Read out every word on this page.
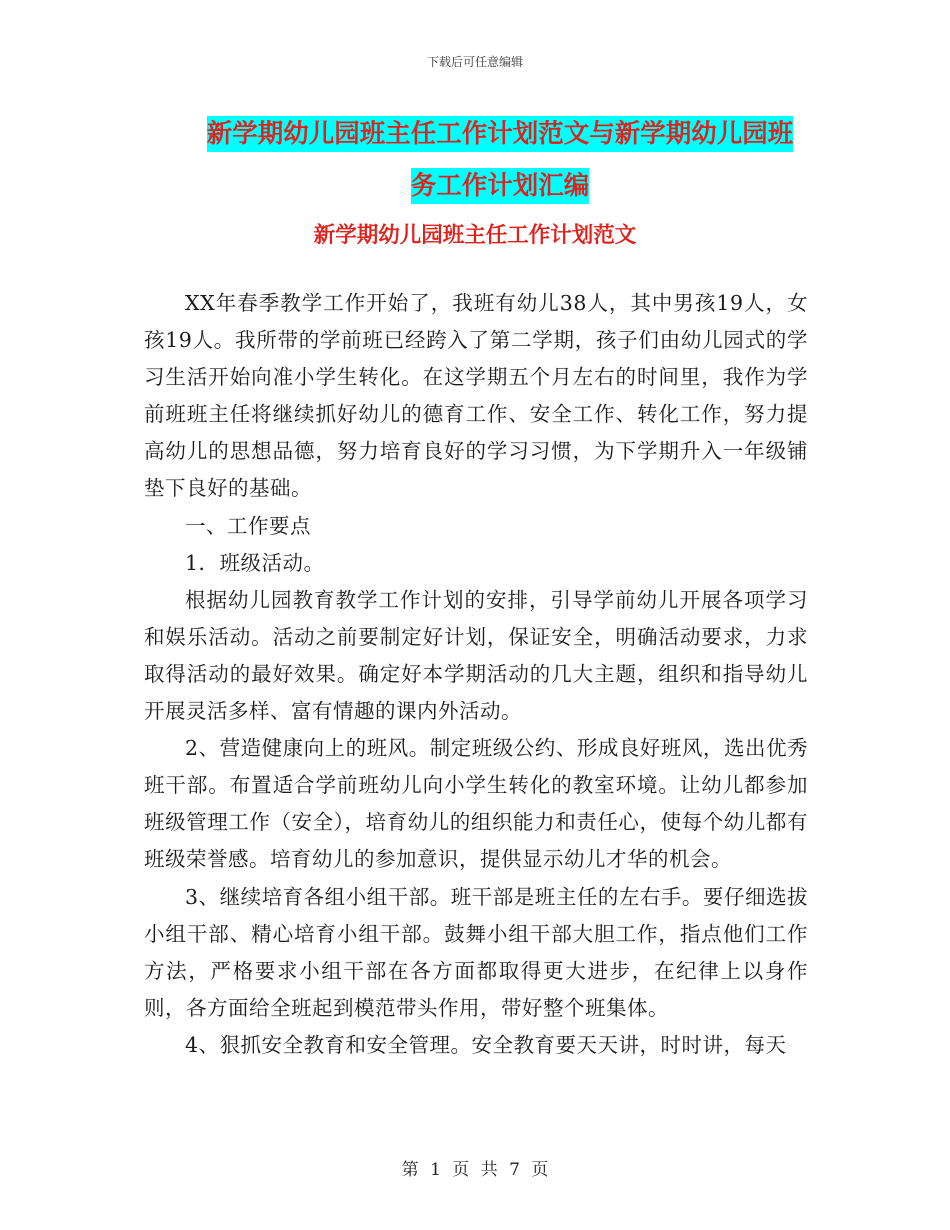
下载后可任意编辑
新学期幼儿园班主任工作计划范文与新学期幼儿园班
务工作计划汇编
新学期幼儿园班主任工作计划范文

XX年春季教学工作开始了，我班有幼儿38人，其中男孩19人，女孩19人。我所带的学前班已经跨入了第二学期，孩子们由幼儿园式的学习生活开始向准小学生转化。在这学期五个月左右的时间里，我作为学前班班主任将继续抓好幼儿的德育工作、安全工作、转化工作，努力提高幼儿的思想品德，努力培育良好的学习习惯，为下学期升入一年级铺垫下良好的基础。

一、工作要点

1．班级活动。

根据幼儿园教育教学工作计划的安排，引导学前幼儿开展各项学习和娱乐活动。活动之前要制定好计划，保证安全，明确活动要求，力求取得活动的最好效果。确定好本学期活动的几大主题，组织和指导幼儿开展灵活多样、富有情趣的课内外活动。

2、营造健康向上的班风。制定班级公约、形成良好班风，选出优秀班干部。布置适合学前班幼儿向小学生转化的教室环境。让幼儿都参加班级管理工作（安全），培育幼儿的组织能力和责任心，使每个幼儿都有班级荣誉感。培育幼儿的参加意识，提供显示幼儿才华的机会。

3、继续培育各组小组干部。班干部是班主任的左右手。要仔细选拔小组干部、精心培育小组干部。鼓舞小组干部大胆工作，指点他们工作方法，严格要求小组干部在各方面都取得更大进步，在纪律上以身作则，各方面给全班起到模范带头作用，带好整个班集体。

4、狠抓安全教育和安全管理。安全教育要天天讲，时时讲，每天

第 1 页 共 7 页
